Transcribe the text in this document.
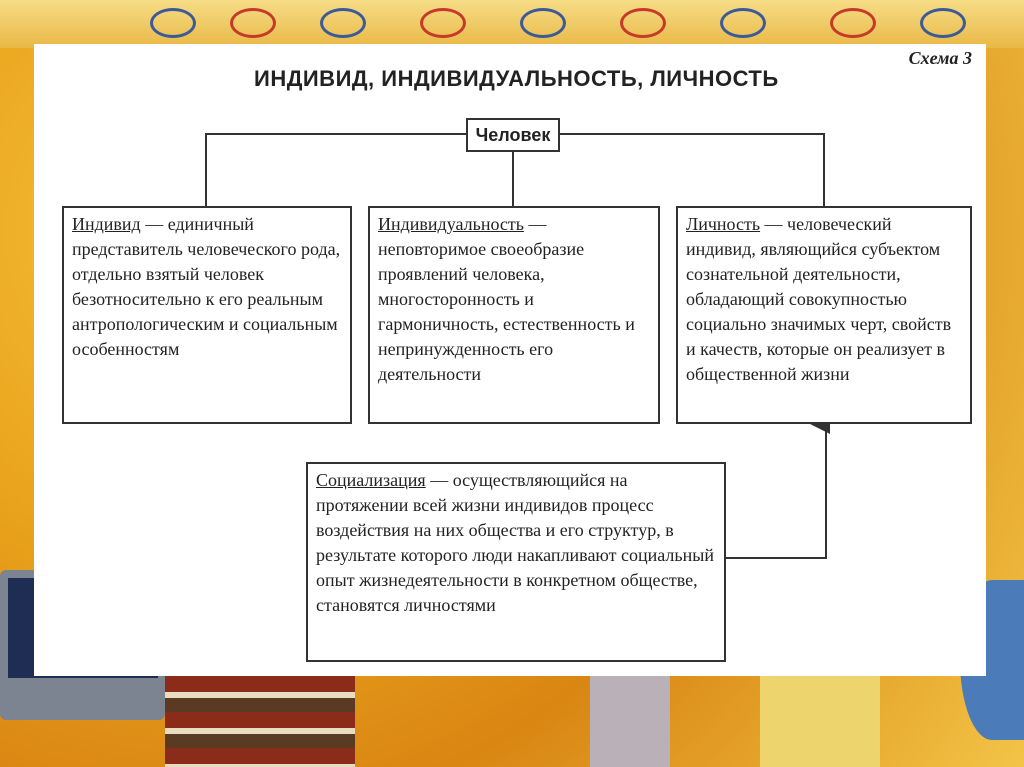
Схема 3
ИНДИВИД, ИНДИВИДУАЛЬНОСТЬ, ЛИЧНОСТЬ
Человек
Индивид — единичный представитель человеческого рода, отдельно взятый человек безотносительно к его реальным антропологическим и социальным особенностям
Индивидуальность — неповторимое своеобразие проявлений человека, многосторонность и гармоничность, естественность и непринужденность его деятельности
Личность — человеческий индивид, являющийся субъектом сознательной деятельности, обладающий совокупностью социально значимых черт, свойств и качеств, которые он реализует в общественной жизни
Социализация — осуществляющийся на протяжении всей жизни индивидов процесс воздействия на них общества и его структур, в результате которого люди накапливают социальный опыт жизнедеятельности в конкретном обществе, становятся личностями
